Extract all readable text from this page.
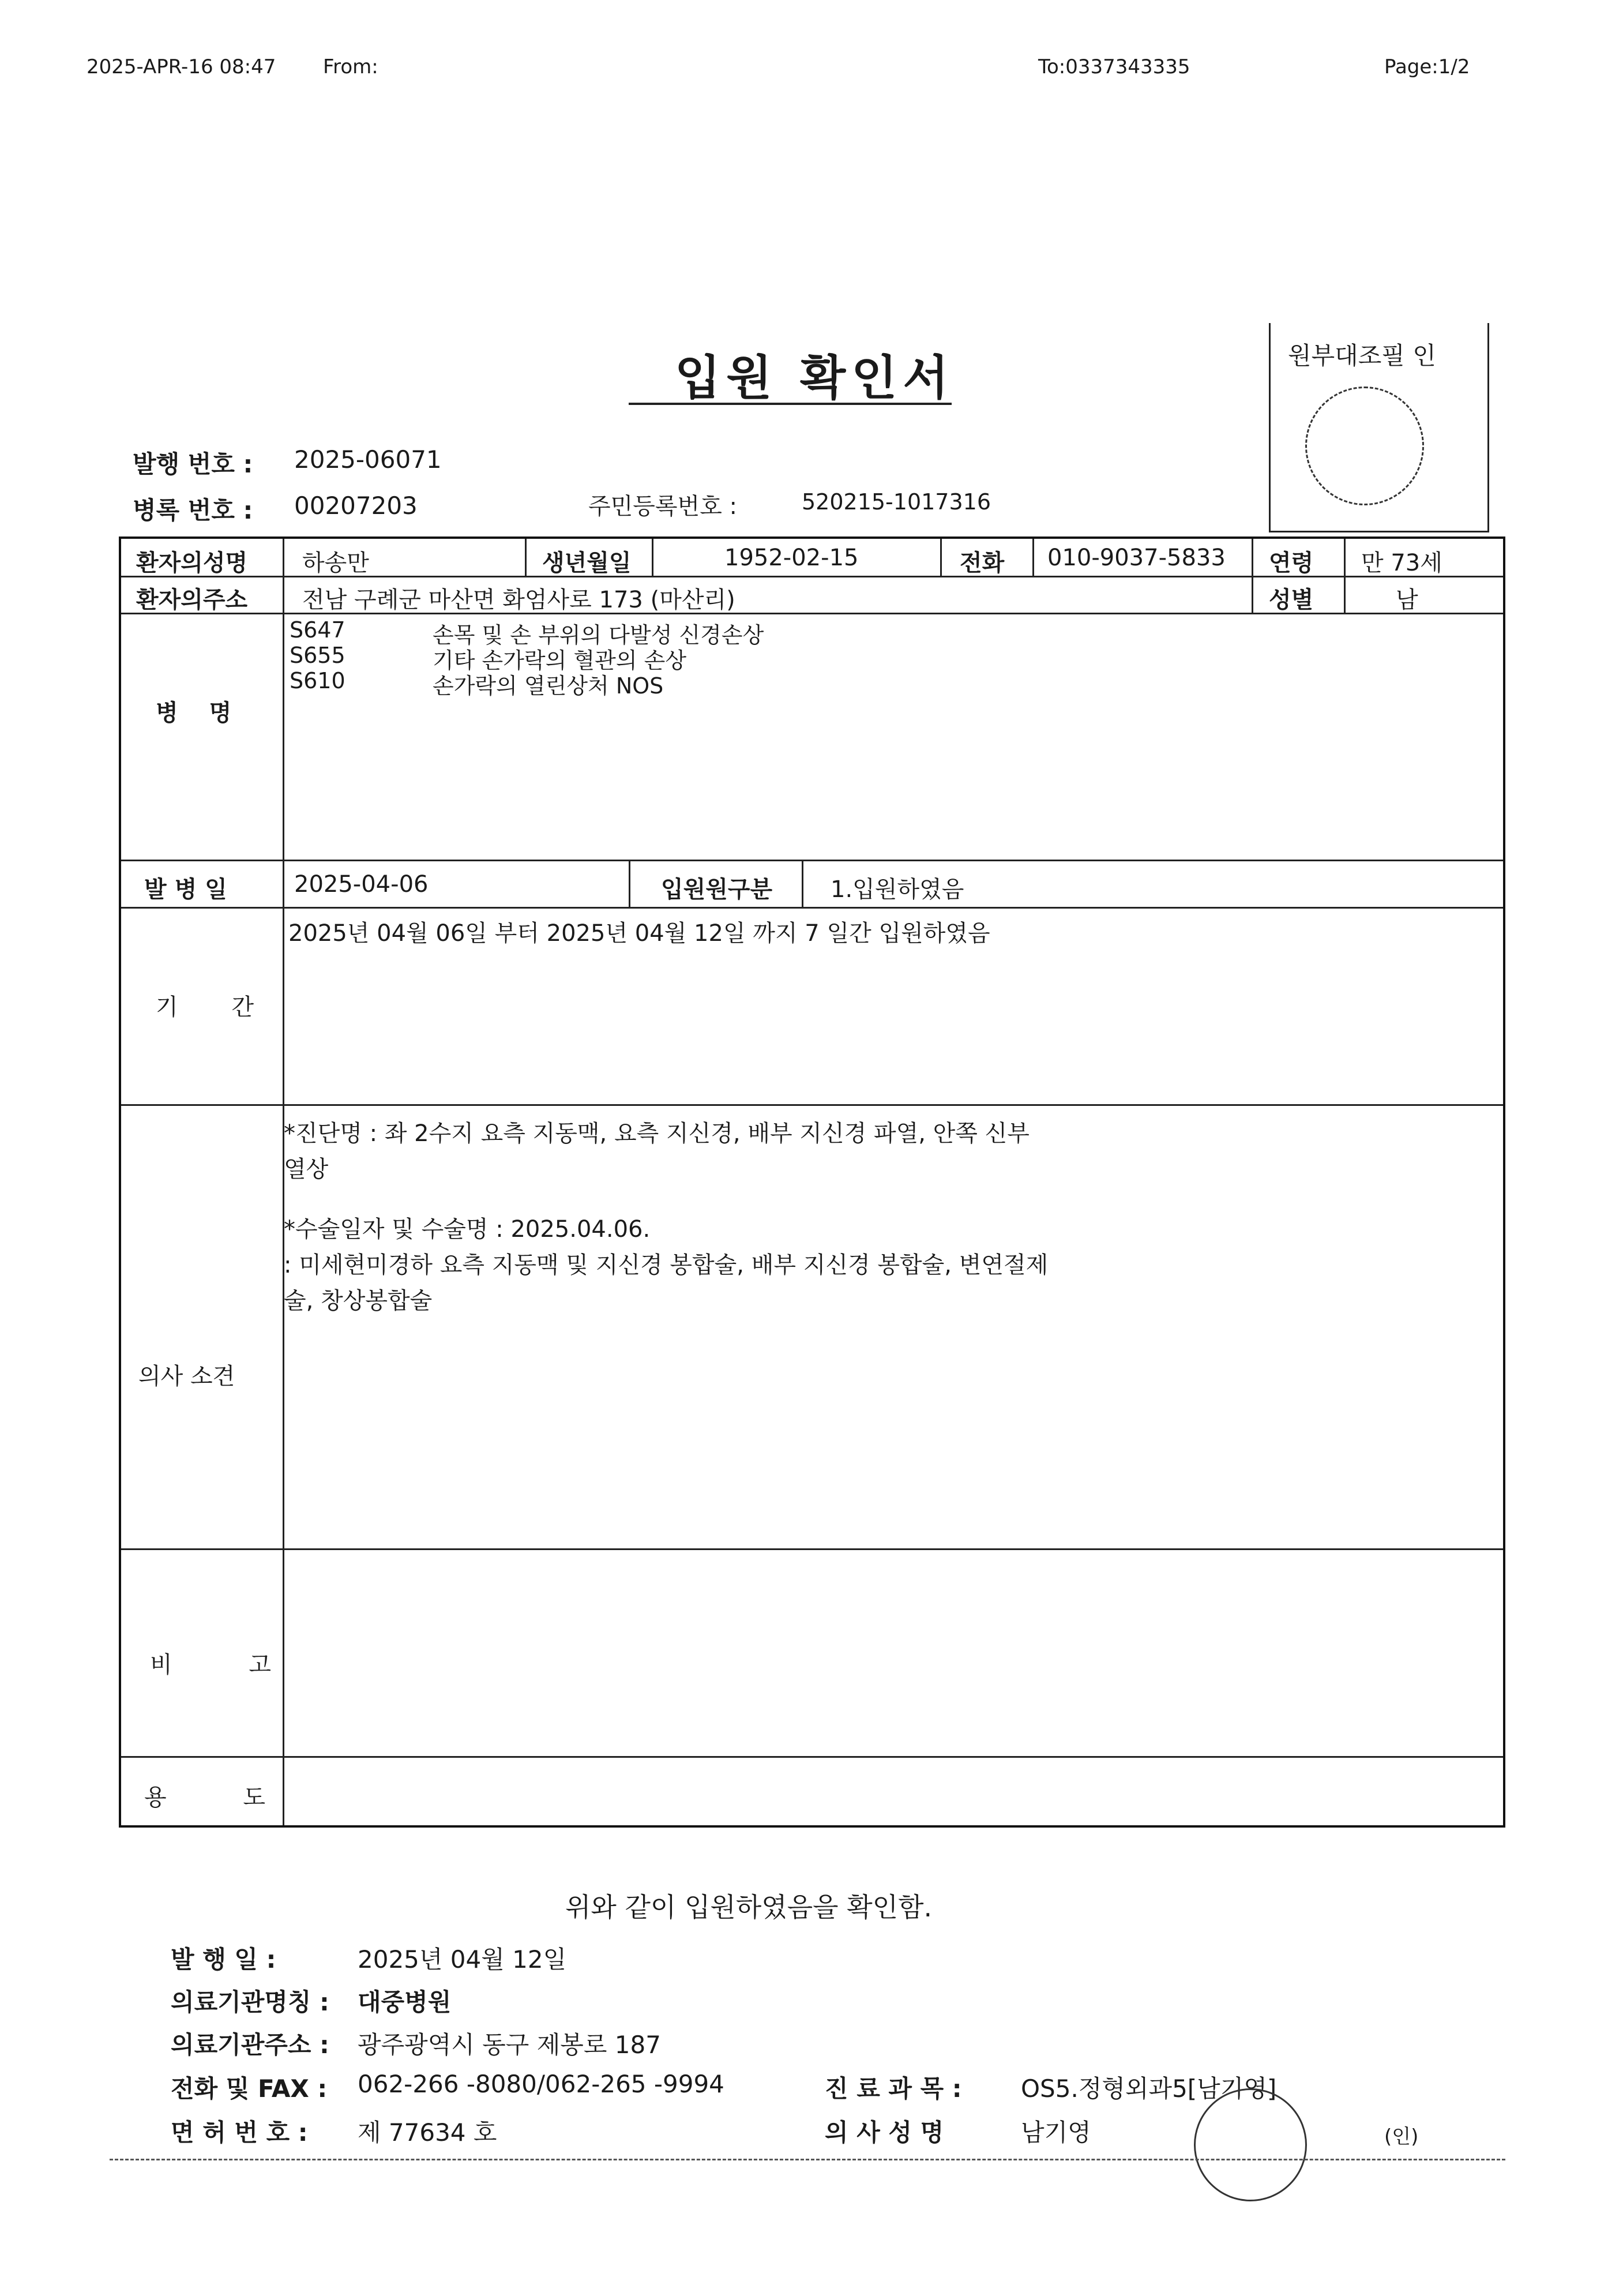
2025-APR-16 08:47 From:	To:0337343335	Page:1/2
입원 확인서	원부대조필 인
발행 번호 : 2025-06071
병록 번호 : 00207203	주민등록번호 :	520215-1017316
환자의성명 하송만	생년월일	1952-02-15	전화 010-9037-5833 연령 만 73세
환자의주소 전남 구례군 마산면 화엄사로 173 (마산리)	성별	남
병 명
S647	손목 및 손 부위의 다발성 신경손상
S655	기타 손가락의 혈관의 손상
S610	손가락의 열린상처 NOS
발 병 일	2025-04-06	입원원구분	1.입원하였음
기 간
2025년 04월 06일 부터 2025년 04월 12일 까지 7 일간 입원하였음
의사 소견
*진단명 : 좌 2수지 요측 지동맥, 요측 지신경, 배부 지신경 파열, 안쪽 신부
열상
*수술일자 및 수술명 : 2025.04.06.
: 미세현미경하 요측 지동맥 및 지신경 봉합술, 배부 지신경 봉합술, 변연절제
술, 창상봉합술
비 고
용 도
위와 같이 입원하였음을 확인함.
발 행 일 :	2025년 04월 12일
의료기관명칭 : 대중병원
의료기관주소 : 광주광역시 동구 제봉로 187
전화 및 FAX : 062-266 -8080/062-265 -9994	진 료 과 목 : OS5.정형외과5[남기영]
면 허 번 호 : 제 77634 호	의 사 성 명	남기영	(인)
